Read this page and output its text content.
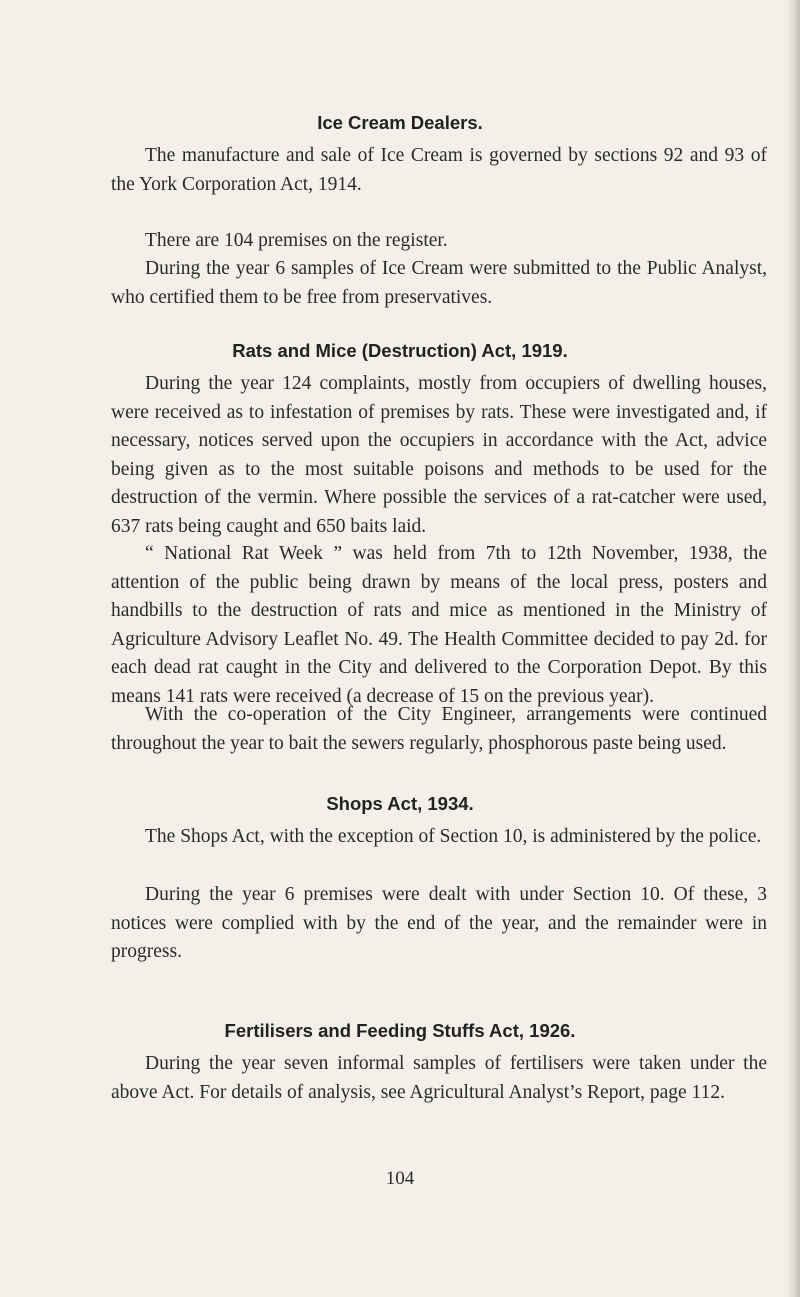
Ice Cream Dealers.

The manufacture and sale of Ice Cream is governed by sections 92 and 93 of the York Corporation Act, 1914.

There are 104 premises on the register.

During the year 6 samples of Ice Cream were submitted to the Public Analyst, who certified them to be free from preservatives.

Rats and Mice (Destruction) Act, 1919.

During the year 124 complaints, mostly from occupiers of dwelling houses, were received as to infestation of premises by rats. These were investigated and, if necessary, notices served upon the occupiers in accordance with the Act, advice being given as to the most suitable poisons and methods to be used for the destruction of the vermin. Where possible the services of a rat-catcher were used, 637 rats being caught and 650 baits laid.

“ National Rat Week ” was held from 7th to 12th November, 1938, the attention of the public being drawn by means of the local press, posters and handbills to the destruction of rats and mice as mentioned in the Ministry of Agriculture Advisory Leaflet No. 49. The Health Committee decided to pay 2d. for each dead rat caught in the City and delivered to the Corporation Depot. By this means 141 rats were received (a decrease of 15 on the previous year).

With the co-operation of the City Engineer, arrangements were continued throughout the year to bait the sewers regularly, phosphorous paste being used.

Shops Act, 1934.

The Shops Act, with the exception of Section 10, is administered by the police.

During the year 6 premises were dealt with under Section 10. Of these, 3 notices were complied with by the end of the year, and the remainder were in progress.

Fertilisers and Feeding Stuffs Act, 1926.

During the year seven informal samples of fertilisers were taken under the above Act. For details of analysis, see Agricultural Analyst’s Report, page 112.

104
